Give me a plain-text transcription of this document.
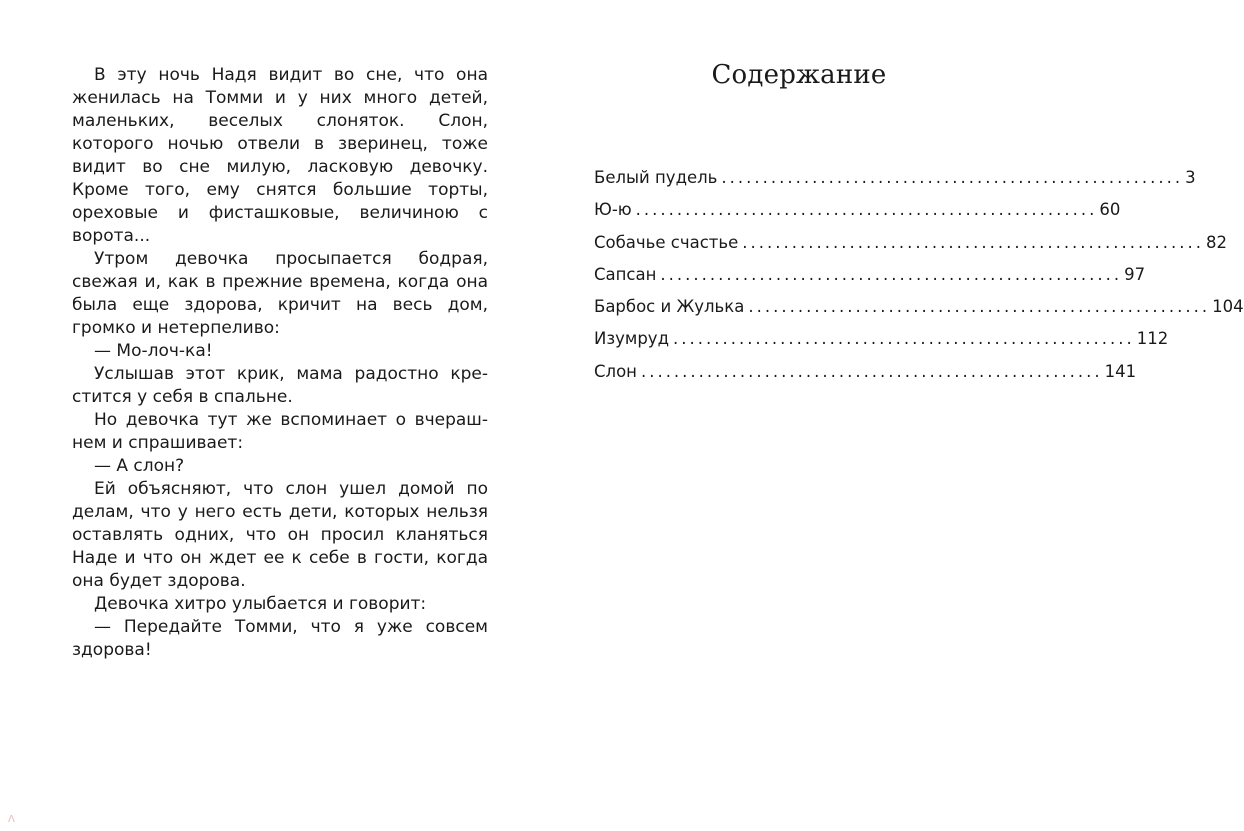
В эту ночь Надя видит во сне, что она женилась на Томми и у них много детей, маленьких, веселых слоняток. Слон, которого ночью отвели в зверинец, тоже видит во сне милую, ласковую девочку. Кроме того, ему снятся большие торты, ореховые и фисташковые, величиною с ворота...

Утром девочка просыпается бодрая, свежая и, как в прежние времена, когда она была еще здорова, кричит на весь дом, громко и нетерпеливо:

— Мо-лоч-ка!

Услышав этот крик, мама радостно крестится у себя в спальне.

Но девочка тут же вспоминает о вчерашнем и спрашивает:

— А слон?

Ей объясняют, что слон ушел домой по делам, что у него есть дети, которых нельзя оставлять одних, что он просил кланяться Наде и что он ждет ее к себе в гости, когда она будет здорова.

Девочка хитро улыбается и говорит:

— Передайте Томми, что я уже совсем здорова!

Содержание
Белый пудель ........................................................ 3
Ю-ю ........................................................ 60
Собачье счастье ........................................................ 82
Сапсан ........................................................ 97
Барбос и Жулька ........................................................ 104
Изумруд ........................................................ 112
Слон ........................................................ 141
Λ
